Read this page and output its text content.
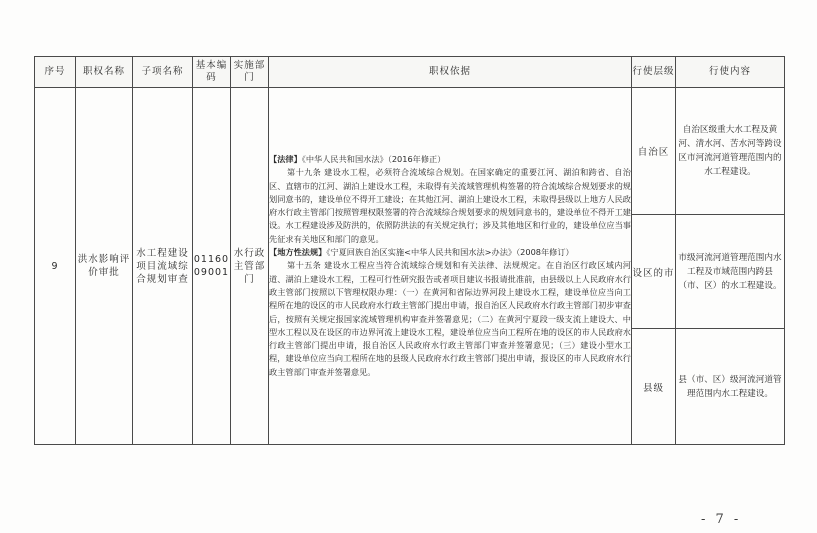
序号	职权名称	子项名称	基本编码	实施部门	职权依据	行使层级	行使内容
9	洪水影响评价审批	水工程建设项目流域综合规划审查	0116009001	水行政主管部门	【法律】《中华人民共和国水法》（2016年修正）

第十九条 建设水工程，必须符合流域综合规划。在国家确定的重要江河、湖泊和跨省、自治区、直辖市的江河、湖泊上建设水工程，未取得有关流域管理机构签署的符合流域综合规划要求的规划同意书的，建设单位不得开工建设；在其他江河、湖泊上建设水工程，未取得县级以上地方人民政府水行政主管部门按照管理权限签署的符合流域综合规划要求的规划同意书的，建设单位不得开工建设。水工程建设涉及防洪的，依照防洪法的有关规定执行；涉及其他地区和行业的，建设单位应当事先征求有关地区和部门的意见。

【地方性法规】《宁夏回族自治区实施<中华人民共和国水法>办法》（2008年修订）

第十五条 建设水工程应当符合流域综合规划和有关法律、法规规定。在自治区行政区域内河道、湖泊上建设水工程，工程可行性研究报告或者项目建议书报请批准前，由县级以上人民政府水行政主管部门按照以下管理权限办理：（一）在黄河和省际边界河段上建设水工程，建设单位应当向工程所在地的设区的市人民政府水行政主管部门提出申请，报自治区人民政府水行政主管部门初步审查后，按照有关规定报国家流域管理机构审查并签署意见；（二）在黄河宁夏段一级支流上建设大、中型水工程以及在设区的市边界河流上建设水工程，建设单位应当向工程所在地的设区的市人民政府水行政主管部门提出申请，报自治区人民政府水行政主管部门审查并签署意见；（三）建设小型水工程，建设单位应当向工程所在地的县级人民政府水行政主管部门提出申请，报设区的市人民政府水行政主管部门审查并签署意见。	自治区	自治区级重大水工程及黄河、清水河、苦水河等跨设区市河流河道管理范围内的水工程建设。
						设区的市	市级河流河道管理范围内水工程及市域范围内跨县（市、区）的水工程建设。
						县级	县（市、区）级河流河道管理范围内水工程建设。
- 7 -
